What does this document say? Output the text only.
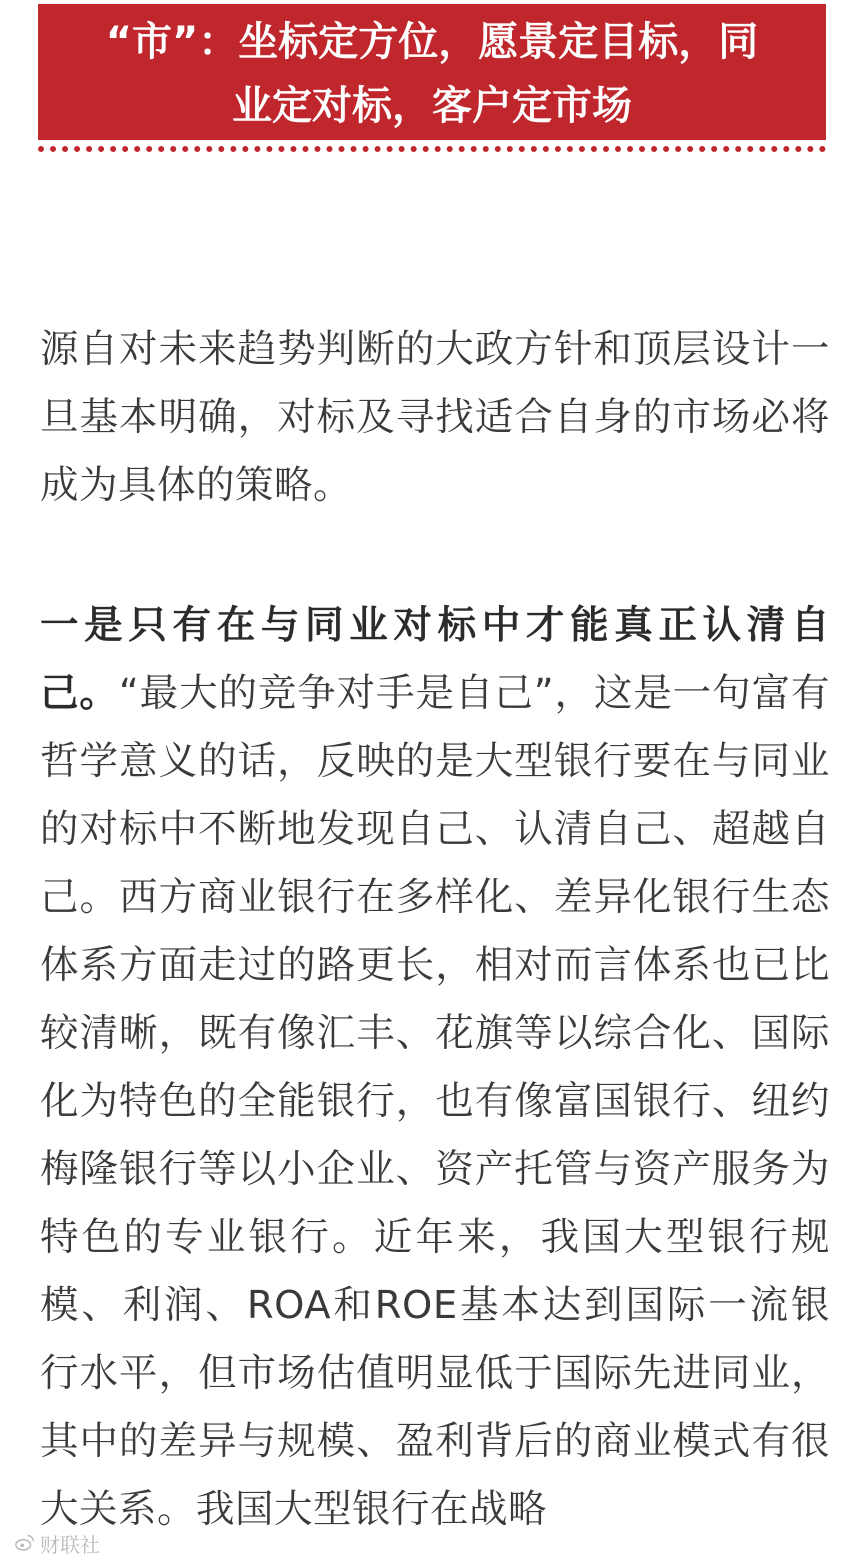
“市”：坐标定方位，愿景定目标，同
业定对标，客户定市场

源自对未来趋势判断的大政方针和顶层设计一旦基本明确，对标及寻找适合自身的市场必将成为具体的策略。

一是只有在与同业对标中才能真正认清自己。“最大的竞争对手是自己”，这是一句富有哲学意义的话，反映的是大型银行要在与同业的对标中不断地发现自己、认清自己、超越自己。西方商业银行在多样化、差异化银行生态体系方面走过的路更长，相对而言体系也已比较清晰，既有像汇丰、花旗等以综合化、国际化为特色的全能银行，也有像富国银行、纽约梅隆银行等以小企业、资产托管与资产服务为特色的专业银行。近年来，我国大型银行规模、利润、ROA和ROE基本达到国际一流银行水平，但市场估值明显低于国际先进同业，其中的差异与规模、盈利背后的商业模式有很大关系。我国大型银行在战略

财联社
